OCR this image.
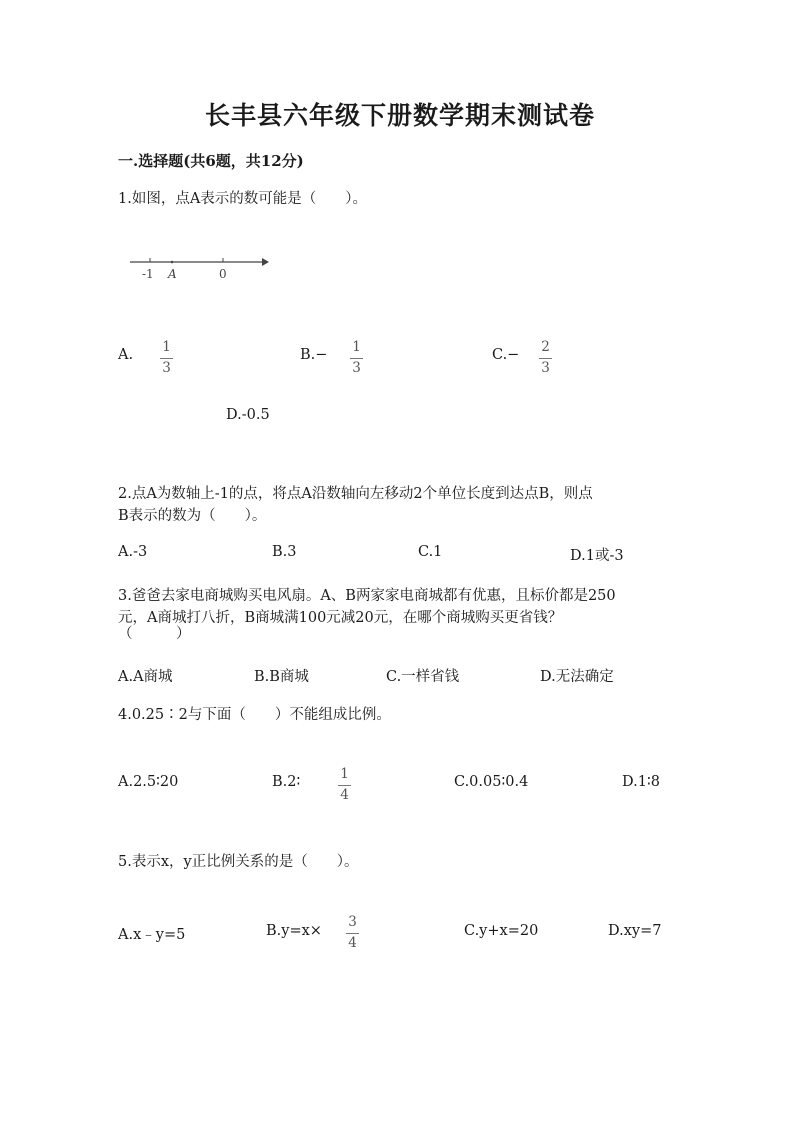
长丰县六年级下册数学期末测试卷
一.选择题(共6题，共12分)
1.如图，点A表示的数可能是（　　）。
-1 A	0
A. 1
3
B.− 1
3
C.− 2
3
D.-0.5
2.点A为数轴上-1的点，将点A沿数轴向左移动2个单位长度到达点B，则点
B表示的数为（　　）。
A.-3	B.3	C.1	D.1或-3
3.爸爸去家电商城购买电风扇。A、B两家家电商城都有优惠，且标价都是250
元，A商城打八折，B商城满100元减20元，在哪个商城购买更省钱？
（　　　）
A.A商城	B.B商城	C.一样省钱	D.无法确定
4.0.25∶2与下面（　　）不能组成比例。
A.2.5∶20	B.2∶	1
4
C.0.05∶0.4	D.1∶8
5.表示x，y正比例关系的是（　　）。
A.x﹣y=5	B.y=x×
3
4
C.y+x=20	D.xy=7
